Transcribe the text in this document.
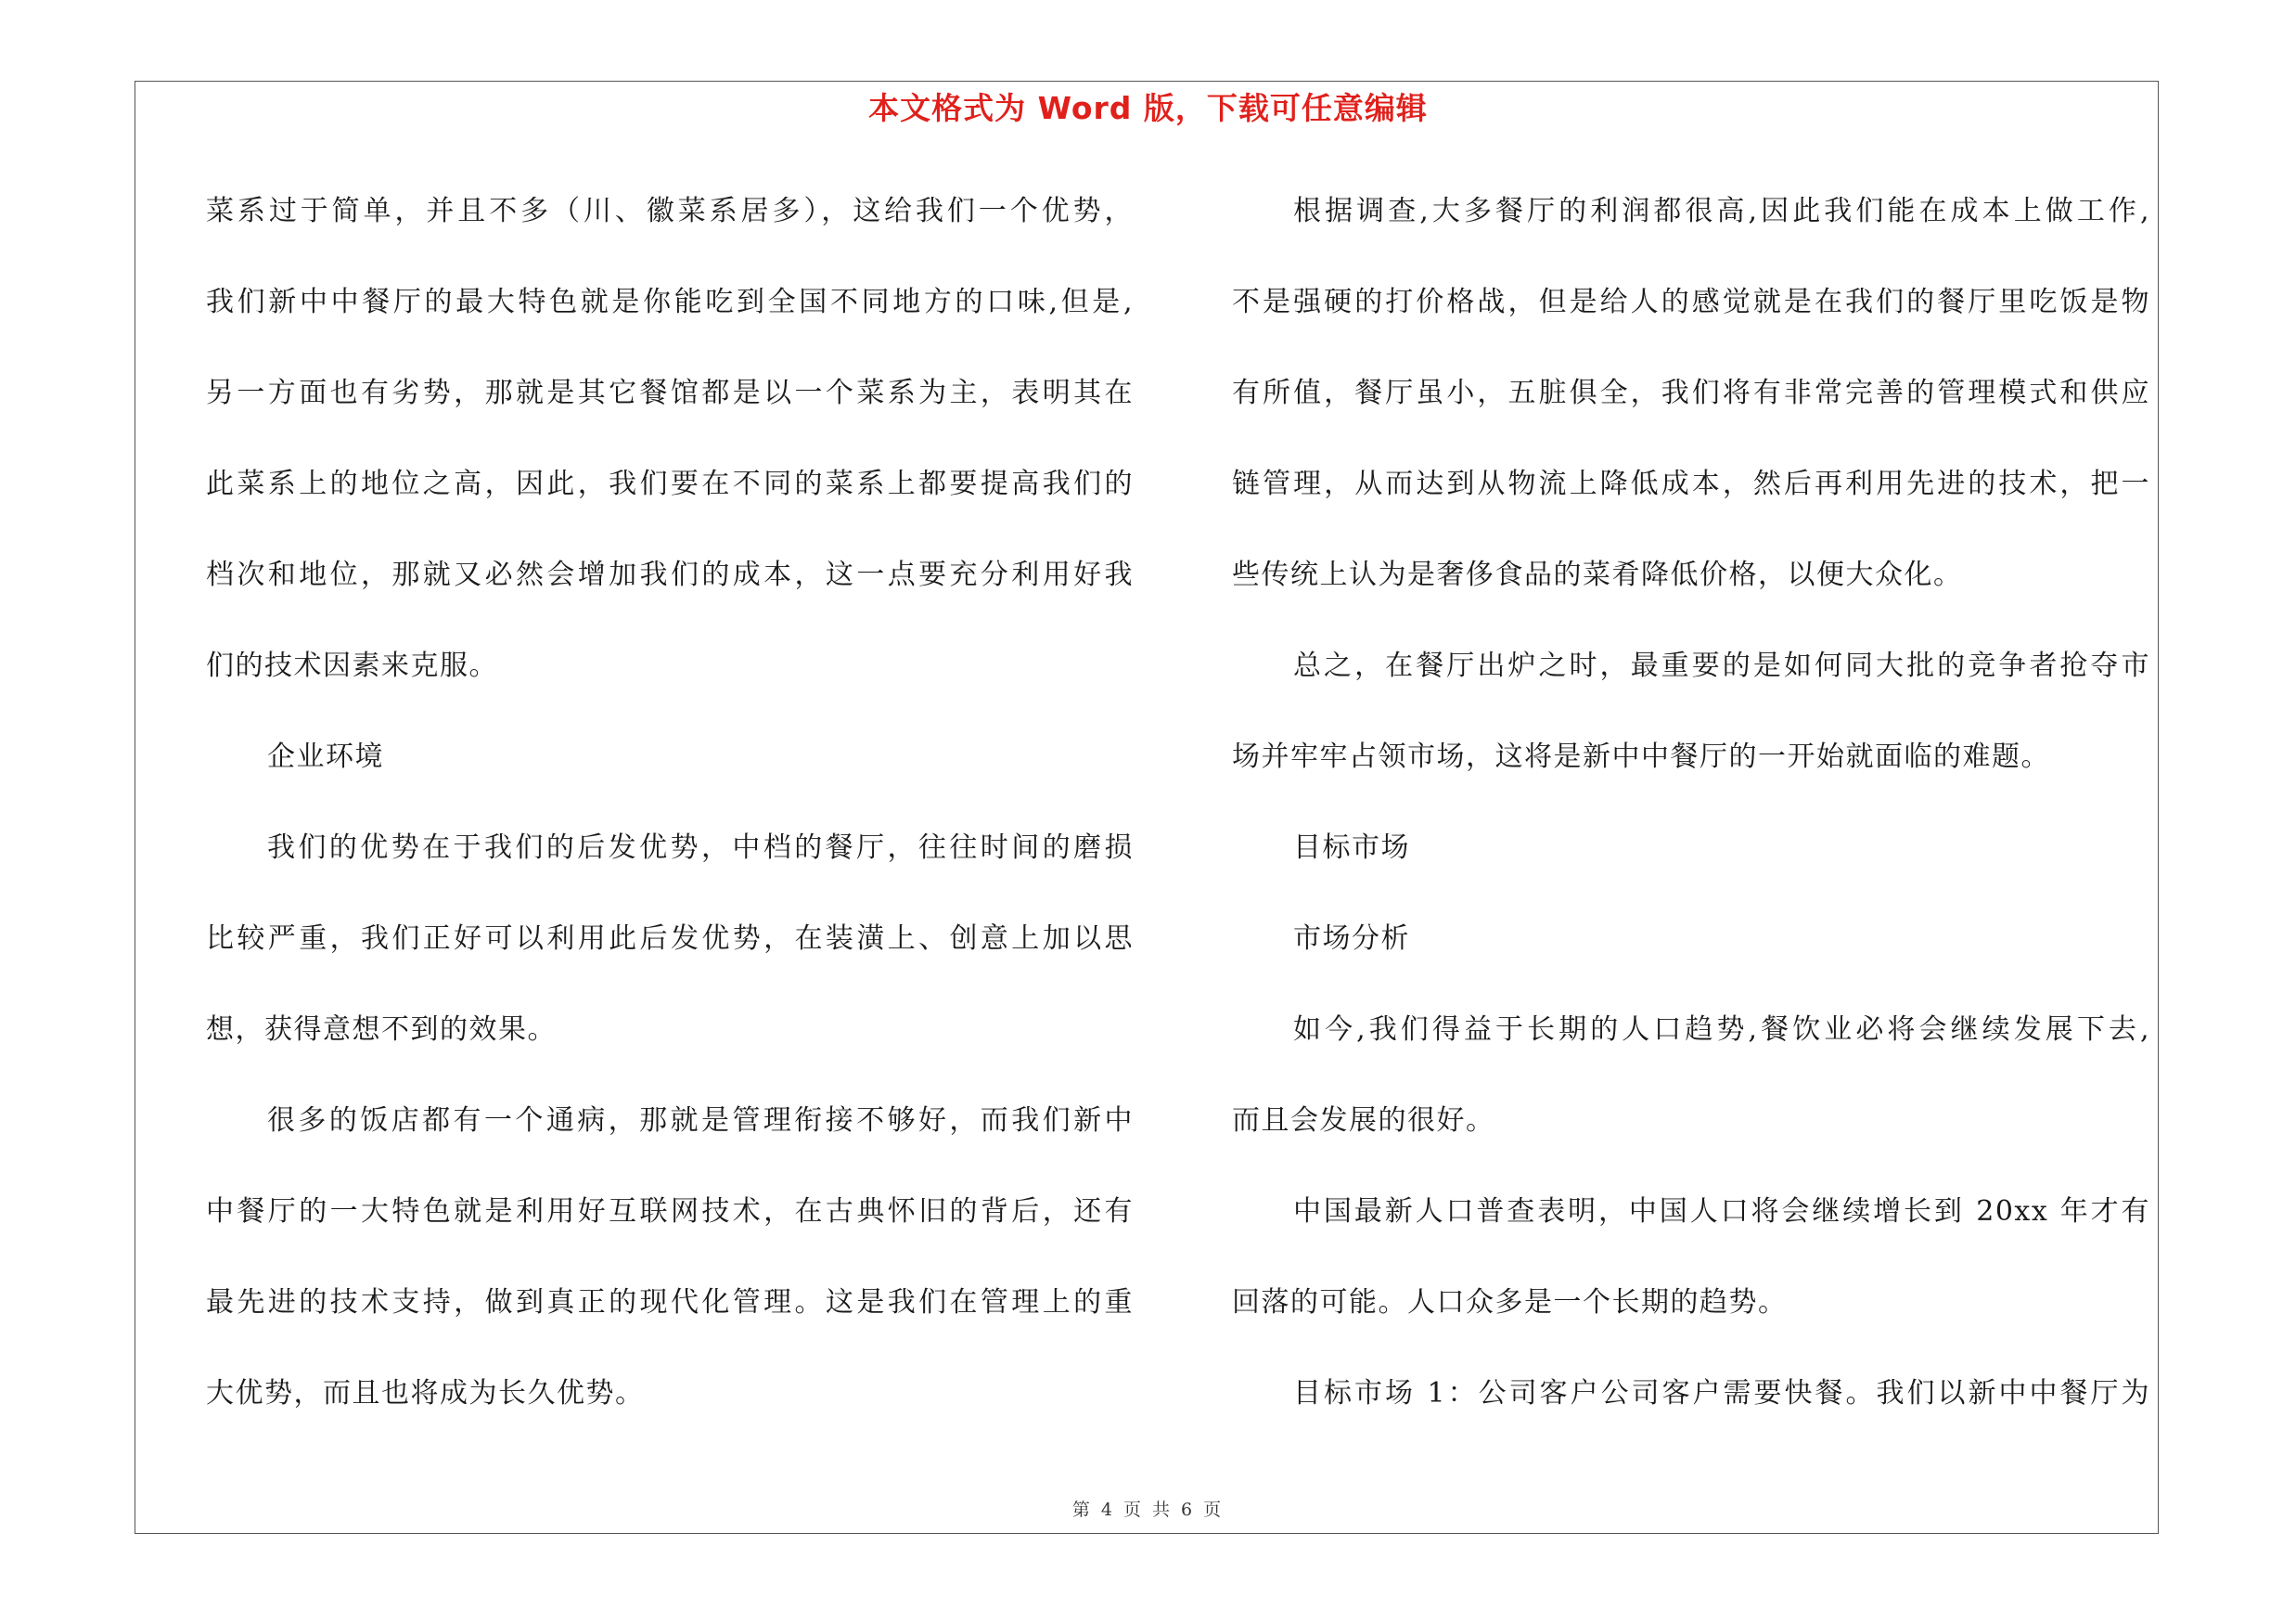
本文格式为 Word 版，下载可任意编辑
菜系过于简单，并且不多（川、徽菜系居多），这给我们一个优势，
我们新中中餐厅的最大特色就是你能吃到全国不同地方的口味,但是,
另一方面也有劣势，那就是其它餐馆都是以一个菜系为主，表明其在
此菜系上的地位之高，因此，我们要在不同的菜系上都要提高我们的
档次和地位，那就又必然会增加我们的成本，这一点要充分利用好我
们的技术因素来克服。
企业环境
我们的优势在于我们的后发优势，中档的餐厅，往往时间的磨损
比较严重，我们正好可以利用此后发优势，在装潢上、创意上加以思
想，获得意想不到的效果。
很多的饭店都有一个通病，那就是管理衔接不够好，而我们新中
中餐厅的一大特色就是利用好互联网技术，在古典怀旧的背后，还有
最先进的技术支持，做到真正的现代化管理。这是我们在管理上的重
大优势，而且也将成为长久优势。
根据调查,大多餐厅的利润都很高,因此我们能在成本上做工作,
不是强硬的打价格战，但是给人的感觉就是在我们的餐厅里吃饭是物
有所值，餐厅虽小，五脏俱全，我们将有非常完善的管理模式和供应
链管理，从而达到从物流上降低成本，然后再利用先进的技术，把一
些传统上认为是奢侈食品的菜肴降低价格，以便大众化。
总之，在餐厅出炉之时，最重要的是如何同大批的竞争者抢夺市
场并牢牢占领市场，这将是新中中餐厅的一开始就面临的难题。
目标市场
市场分析
如今,我们得益于长期的人口趋势,餐饮业必将会继续发展下去,
而且会发展的很好。
中国最新人口普查表明，中国人口将会继续增长到 20xx 年才有
回落的可能。人口众多是一个长期的趋势。
目标市场 1：公司客户公司客户需要快餐。我们以新中中餐厅为
第 4 页 共 6 页
